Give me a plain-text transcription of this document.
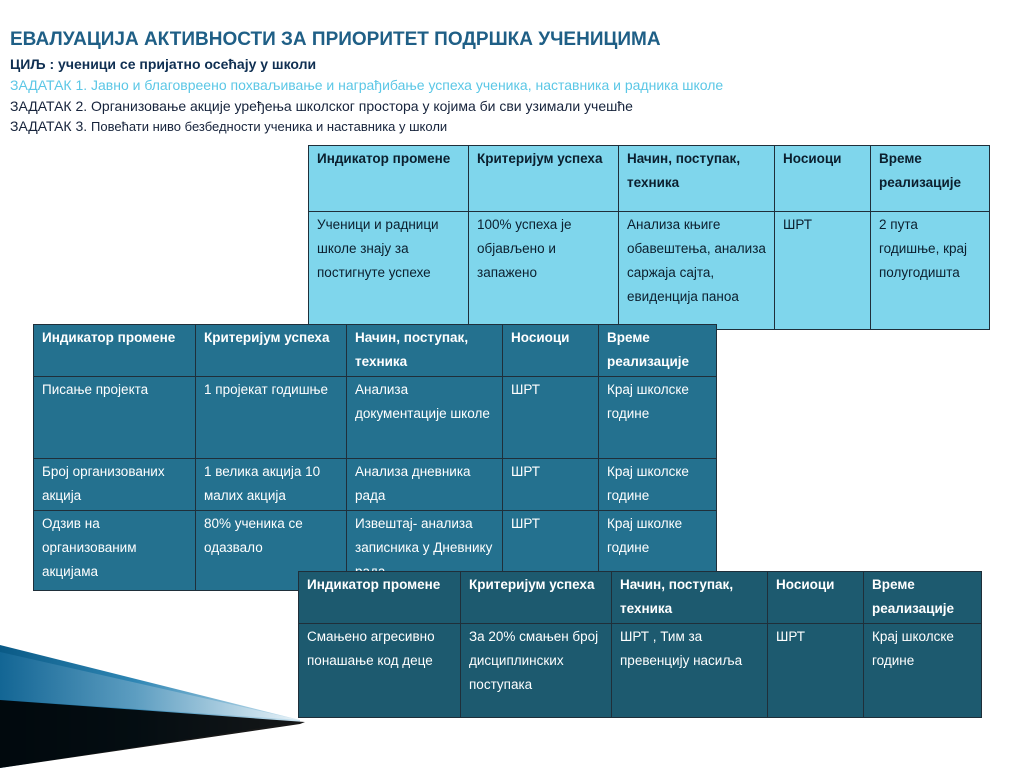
ЕВАЛУАЦИЈА АКТИВНОСТИ ЗА ПРИОРИТЕТ ПОДРШКА УЧЕНИЦИМА
ЦИЉ : ученици се пријатно осећају у школи
ЗАДАТАК 1. Јавно и благовреено похваљивање и награђибање успеха ученика, наставника и радника школе
ЗАДАТАК 2. Организовање акције уређења школског простора у којима би сви узимали учешће
ЗАДАТАК 3. Повећати ниво безбедности ученика и наставника у школи
Индикатор промене	Критеријум успеха	Начин, поступак, техника	Носиоци	Време реализације
Ученици и радници школе знају за постигнуте успехе	100% успеха је објављено и запажено	Анализа књиге обавештења, анализа саржаја сајта, евиденција паноа	ШРТ	2 пута годишње, крај полугодишта
Индикатор промене	Критеријум успеха	Начин, поступак, техника	Носиоци	Време реализације
Писање пројекта	1 пројекат годишње	Анализа документације школе	ШРТ	Крај школске године
Број организованих акција	1 велика акција 10 малих акција	Анализа дневника рада	ШРТ	Крај школске године
Одзив на организованим акцијама	80% ученика се одазвало	Извештај- анализа записника у Дневнику	ШРТ	Крај школке године
Индикатор промене	Критеријум успеха	Начин, поступак, техника	Носиоци	Време реализације
Смањено агресивно понашање код деце	За 20% смањен број дисциплинских поступака	ШРТ , Тим за превенцију насиља	ШРТ	Крај школске године
